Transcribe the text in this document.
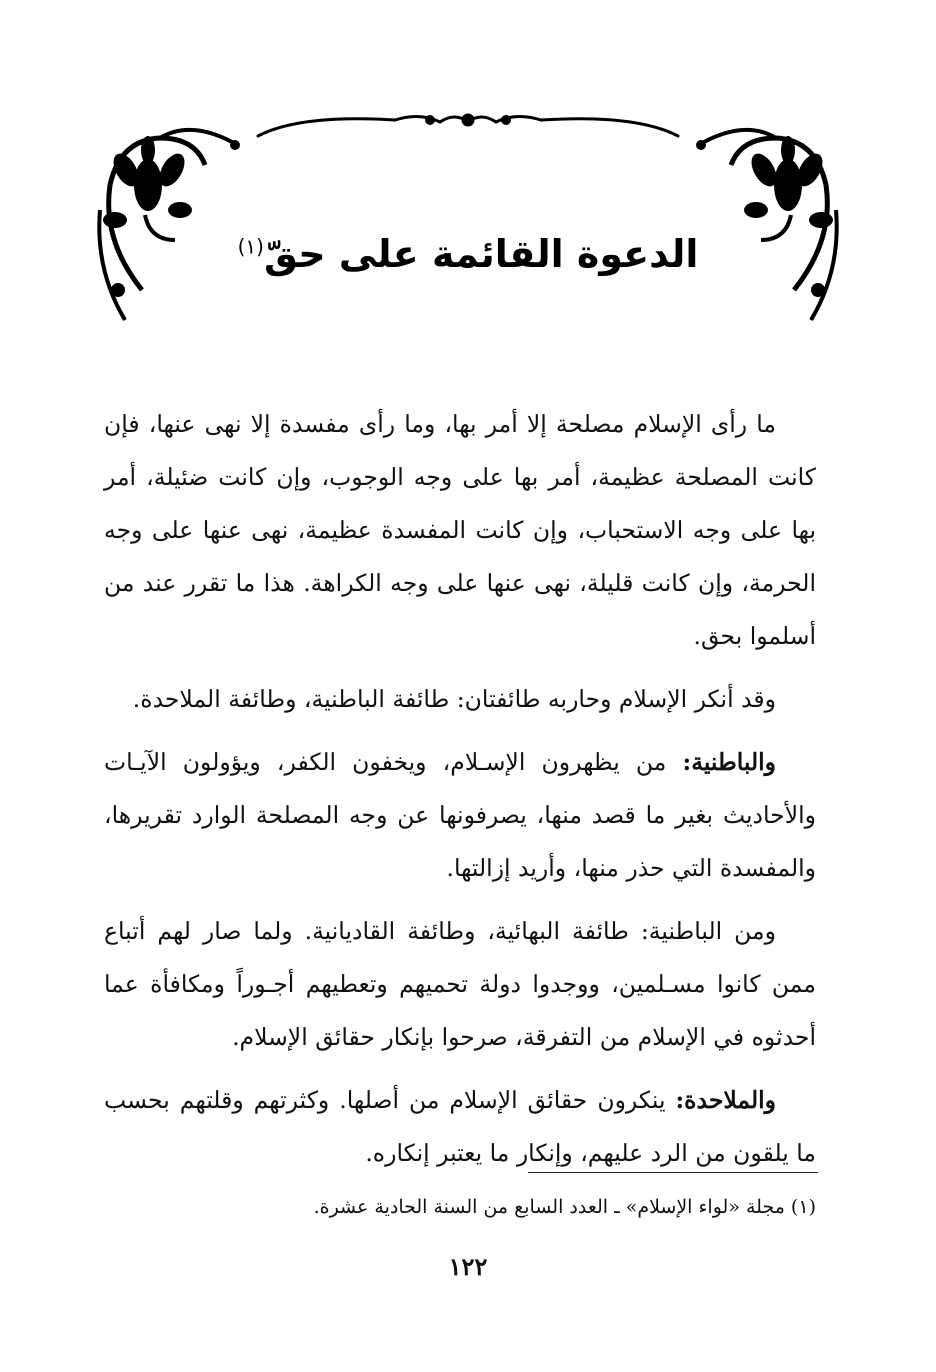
الدعوة القائمة على حقّ$^{(١)}$

ما رأى الإسلام مصلحة إلا أمر بها، وما رأى مفسدة إلا نهى عنها، فإن كانت المصلحة عظيمة، أمر بها على وجه الوجوب، وإن كانت ضئيلة، أمر بها على وجه الاستحباب، وإن كانت المفسدة عظيمة، نهى عنها على وجه الحرمة، وإن كانت قليلة، نهى عنها على وجه الكراهة. هذا ما تقرر عند من أسلموا بحق.

وقد أنكر الإسلام وحاربه طائفتان: طائفة الباطنية، وطائفة الملاحدة.

والباطنية: من يظهرون الإسـلام، ويخفون الكفر، ويؤولون الآيـات والأحاديث بغير ما قصد منها، يصرفونها عن وجه المصلحة الوارد تقريرها، والمفسدة التي حذر منها، وأريد إزالتها.

ومن الباطنية: طائفة البهائية، وطائفة القاديانية. ولما صار لهم أتباع ممن كانوا مسـلمين، ووجدوا دولة تحميهم وتعطيهم أجـوراً ومكافأة عما أحدثوه في الإسلام من التفرقة، صرحوا بإنكار حقائق الإسلام.

والملاحدة: ينكرون حقائق الإسلام من أصلها. وكثرتهم وقلتهم بحسب ما يلقون من الرد عليهم، وإنكار ما يعتبر إنكاره.

(١) مجلة «لواء الإسلام» ـ العدد السابع من السنة الحادية عشرة.
١٢٢
